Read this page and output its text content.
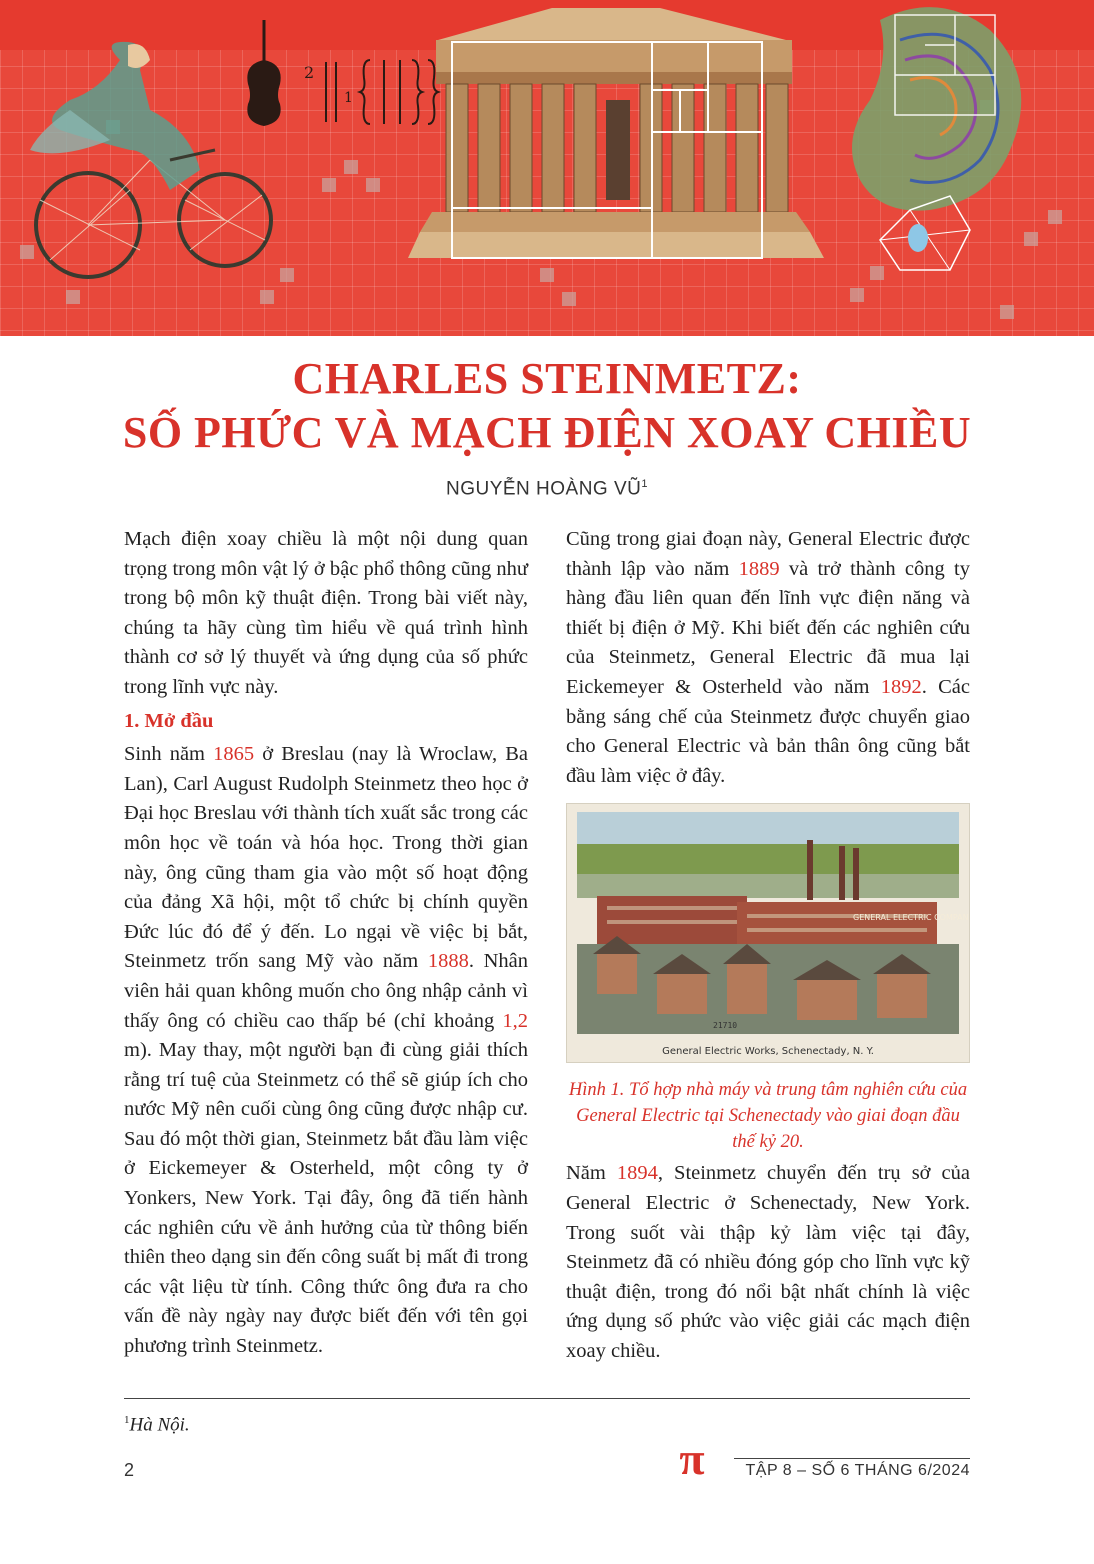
2
1
CHARLES STEINMETZ:
SỐ PHỨC VÀ MẠCH ĐIỆN XOAY CHIỀU
NGUYỄN HOÀNG $VŨ^1$

Mạch điện xoay chiều là một nội dung quan trọng trong môn vật lý ở bậc phổ thông cũng như trong bộ môn kỹ thuật điện. Trong bài viết này, chúng ta hãy cùng tìm hiểu về quá trình hình thành cơ sở lý thuyết và ứng dụng của số phức trong lĩnh vực này.

1. Mở đầu

Sinh năm 1865 ở Breslau (nay là Wroclaw, Ba Lan), Carl August Rudolph Steinmetz theo học ở Đại học Breslau với thành tích xuất sắc trong các môn học về toán và hóa học. Trong thời gian này, ông cũng tham gia vào một số hoạt động của đảng Xã hội, một tổ chức bị chính quyền Đức lúc đó để ý đến. Lo ngại về việc bị bắt, Steinmetz trốn sang Mỹ vào năm 1888. Nhân viên hải quan không muốn cho ông nhập cảnh vì thấy ông có chiều cao thấp bé (chỉ khoảng 1,2 m). May thay, một người bạn đi cùng giải thích rằng trí tuệ của Steinmetz có thể sẽ giúp ích cho nước Mỹ nên cuối cùng ông cũng được nhập cư. Sau đó một thời gian, Steinmetz bắt đầu làm việc ở Eickemeyer & Osterheld, một công ty ở Yonkers, New York. Tại đây, ông đã tiến hành các nghiên cứu về ảnh hưởng của từ thông biến thiên theo dạng sin đến công suất bị mất đi trong các vật liệu từ tính. Công thức ông đưa ra cho vấn đề này ngày nay được biết đến với tên gọi phương trình Steinmetz.

Cũng trong giai đoạn này, General Electric được thành lập vào năm 1889 và trở thành công ty hàng đầu liên quan đến lĩnh vực điện năng và thiết bị điện ở Mỹ. Khi biết đến các nghiên cứu của Steinmetz, General Electric đã mua lại Eickemeyer & Osterheld vào năm 1892. Các bằng sáng chế của Steinmetz được chuyển giao cho General Electric và bản thân ông cũng bắt đầu làm việc ở đây.

GENERAL ELECTRIC COMPANY
21710
General Electric Works, Schenectady, N. Y.

Hình 1. Tổ hợp nhà máy và trung tâm nghiên cứu của General Electric tại Schenectady vào giai đoạn đầu thế kỷ 20.

Năm 1894, Steinmetz chuyển đến trụ sở của General Electric ở Schenectady, New York. Trong suốt vài thập kỷ làm việc tại đây, Steinmetz đã có nhiều đóng góp cho lĩnh vực kỹ thuật điện, trong đó nổi bật nhất chính là việc ứng dụng số phức vào việc giải các mạch điện xoay chiều.

$^1$Hà Nội.
2	π	TẬP 8 – SỐ 6 THÁNG 6/2024
